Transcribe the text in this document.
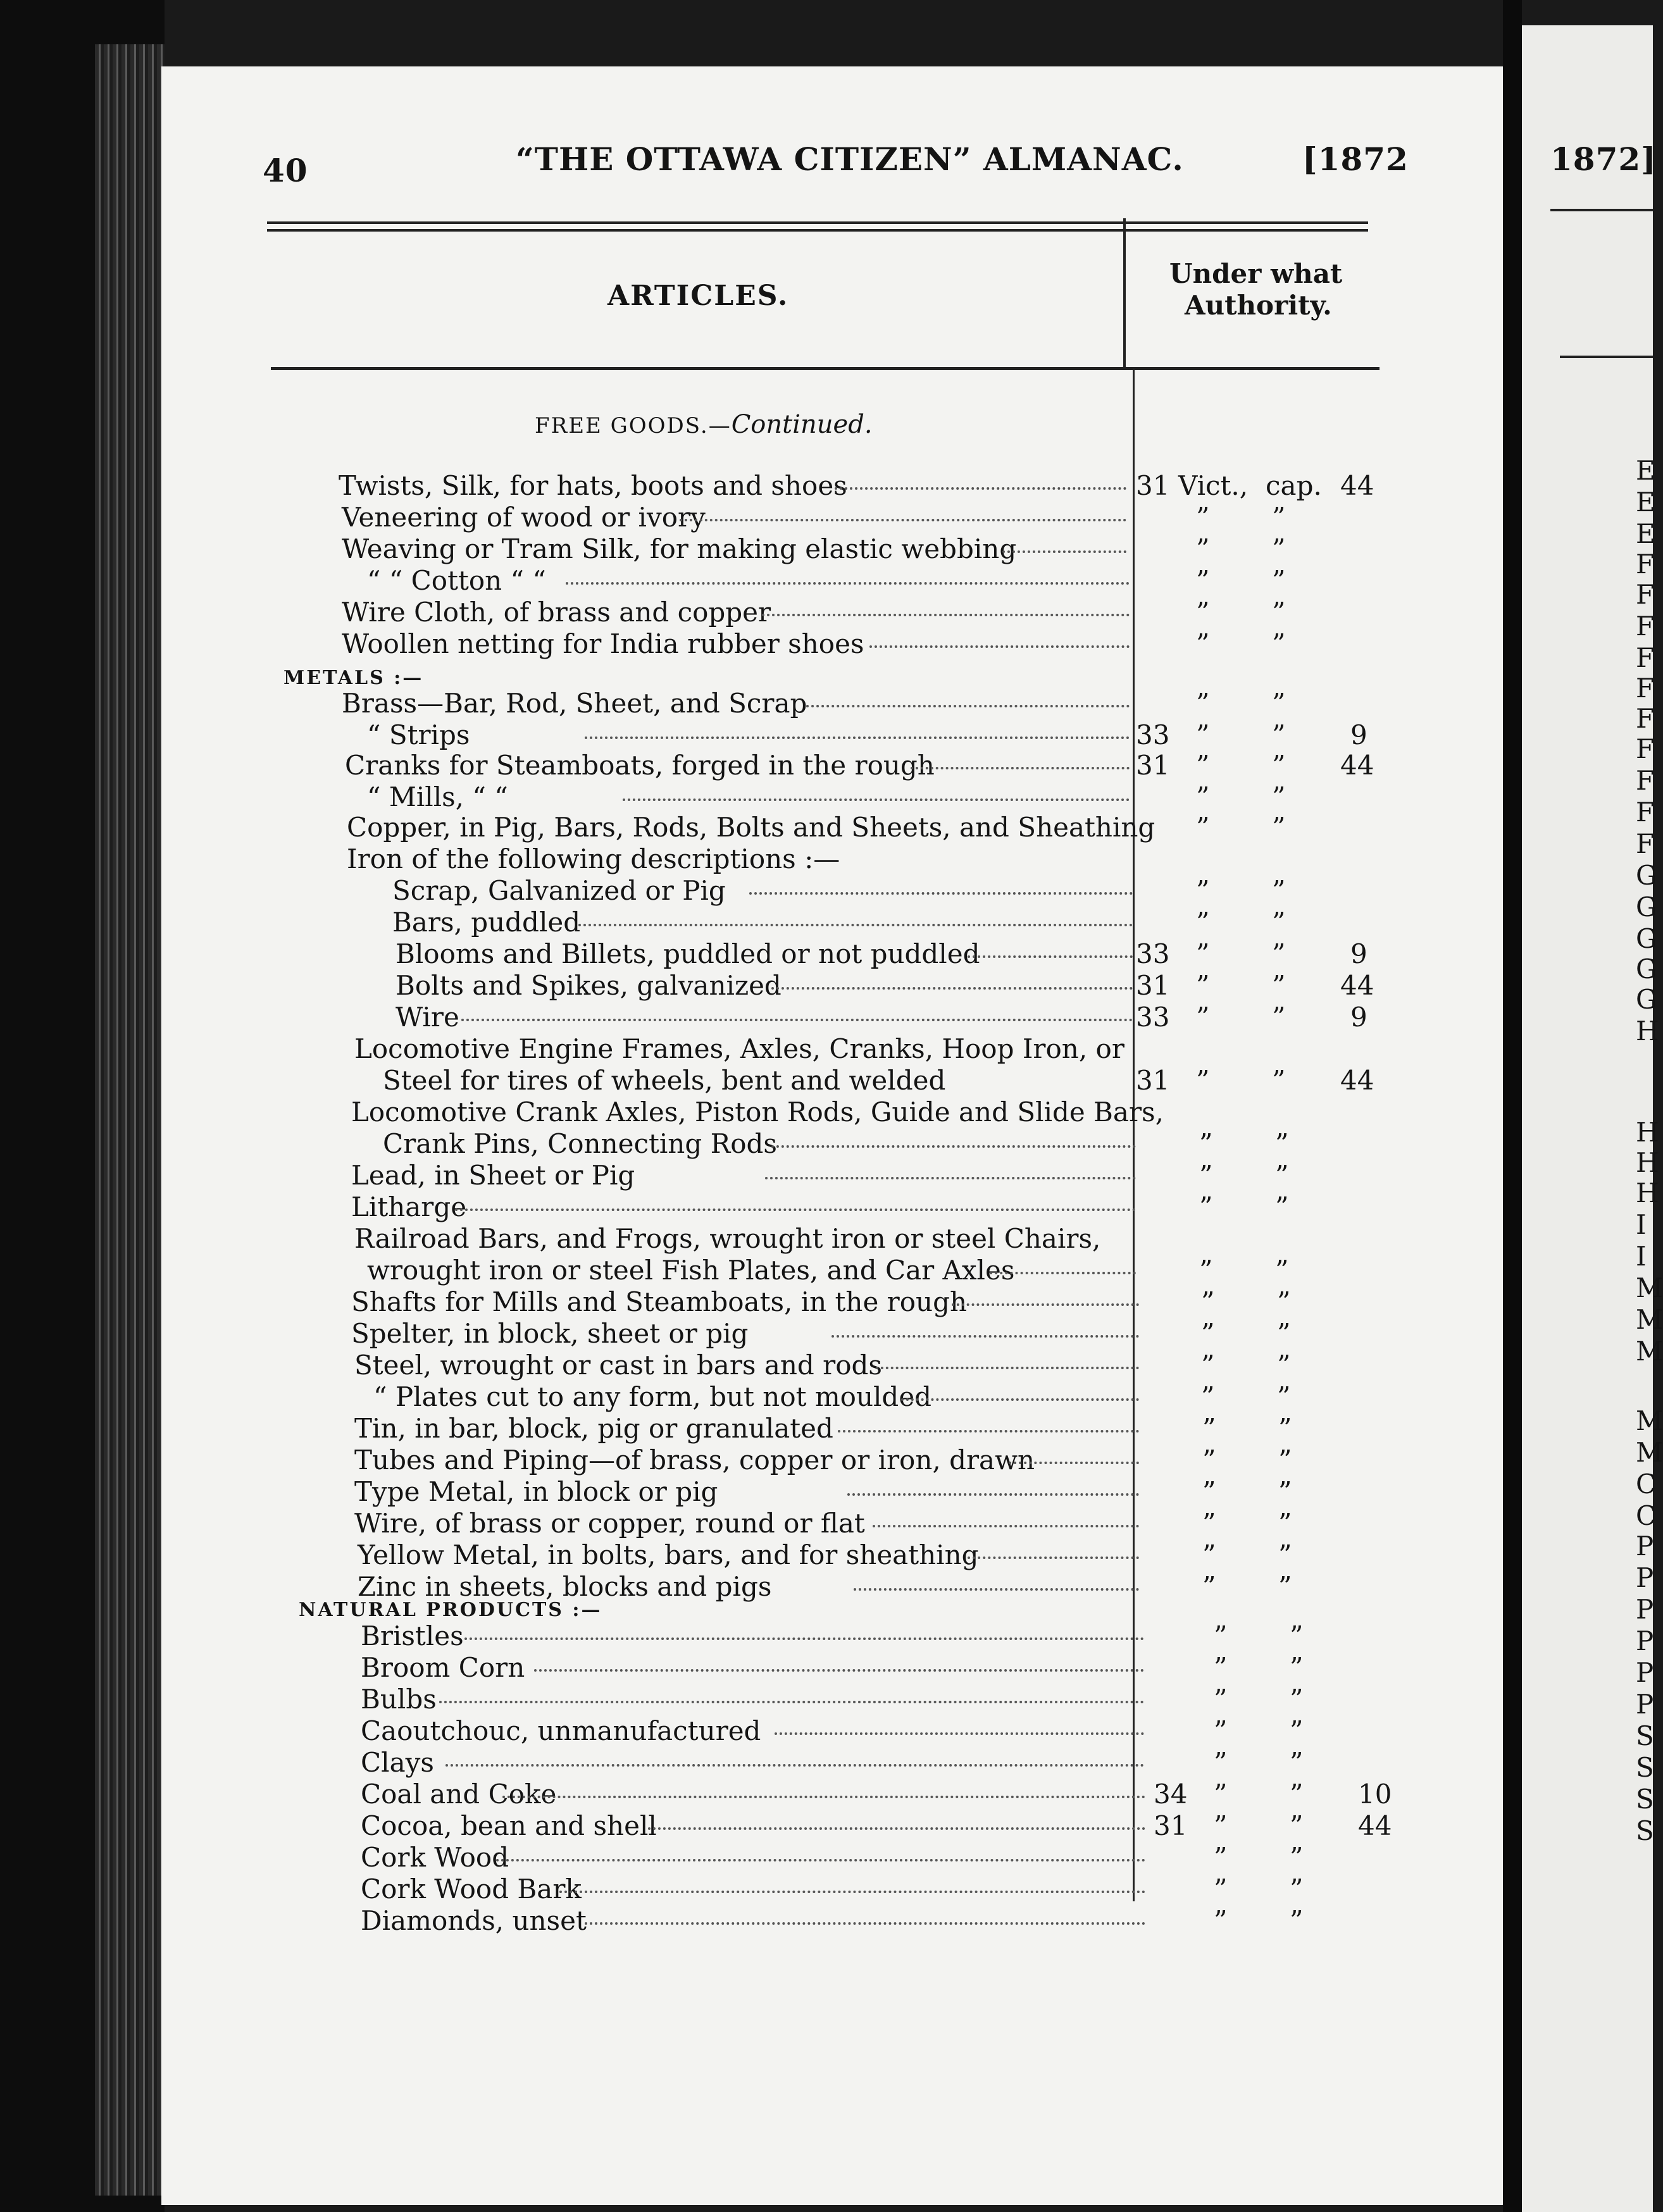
40	“THE OTTAWA CITIZEN” ALMANAC.	[1872	1872]
ARTICLES.
Under what
Authority.
FREE GOODS.—Continued.
METALS :—
NATURAL PRODUCTS :—
Twists, Silk, for hats, boots and shoes	31 Vict., cap. 44
Veneering of wood or ivory	” ”
Weaving or Tram Silk, for making elastic webbing	” ”
“ “ Cotton “ “	” ”
Wire Cloth, of brass and copper	” ”
Woollen netting for India rubber shoes	” ”
Brass—Bar, Rod, Sheet, and Scrap	” ”
“ Strips	33 ” ” 9
Cranks for Steamboats, forged in the rough	31 ” ” 44
“ Mills, “ “	” ”
Copper, in Pig, Bars, Rods, Bolts and Sheets, and Sheathing ” ”
Iron of the following descriptions :—
Scrap, Galvanized or Pig	” ”
Bars, puddled	” ”
Blooms and Billets, puddled or not puddled	33 ” ” 9
Bolts and Spikes, galvanized	31 ” ” 44
Wire	33 ” ” 9
Locomotive Engine Frames, Axles, Cranks, Hoop Iron, or
Steel for tires of wheels, bent and welded	31 ” ” 44
Locomotive Crank Axles, Piston Rods, Guide and Slide Bars,
Crank Pins, Connecting Rods	” ”
Lead, in Sheet or Pig	” ”
Litharge	” ”
Railroad Bars, and Frogs, wrought iron or steel Chairs,
wrought iron or steel Fish Plates, and Car Axles	” ”
Shafts for Mills and Steamboats, in the rough	” ”
Spelter, in block, sheet or pig	” ”
Steel, wrought or cast in bars and rods	” ”
“ Plates cut to any form, but not moulded	” ”
Tin, in bar, block, pig or granulated	” ”
Tubes and Piping—of brass, copper or iron, drawn	” ”
Type Metal, in block or pig	” ”
Wire, of brass or copper, round or flat	” ”
Yellow Metal, in bolts, bars, and for sheathing	” ”
Zinc in sheets, blocks and pigs	” ”
Bristles	” ”
Broom Corn	” ”
Bulbs	” ”
Caoutchouc, unmanufactured	” ”
Clays	” ”
Coal and Coke	34 ” ” 10
Cocoa, bean and shell	31 ” ” 44
Cork Wood	” ”
Cork Wood Bark	” ”
Diamonds, unset	” ”
E
E
E
F
F
F
F
F
F
F
F
F
F
G
G
G
G
G
H
H
H
H
I
I
M
M
M
M
M
C
C
P
P
P
P
P
P
S
S
S
S
